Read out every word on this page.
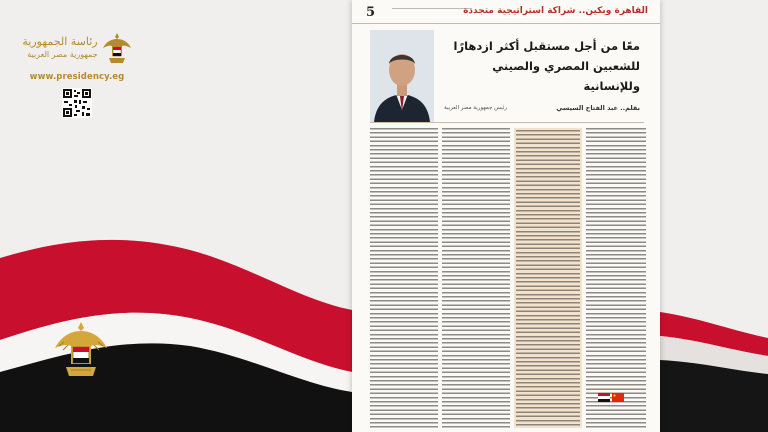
رئاسة الجمهورية
جمهورية مصر العربية
www.presidency.eg
5	القاهرة وبكين.. شراكة استراتيجية متجددة
معًا من أجل مستقبل أكثر ازدهارًا
للشعبين المصري والصيني وللإنسانية
بقلم.. عبد الفتاح السيسي
رئيس جمهورية مصر العربية
